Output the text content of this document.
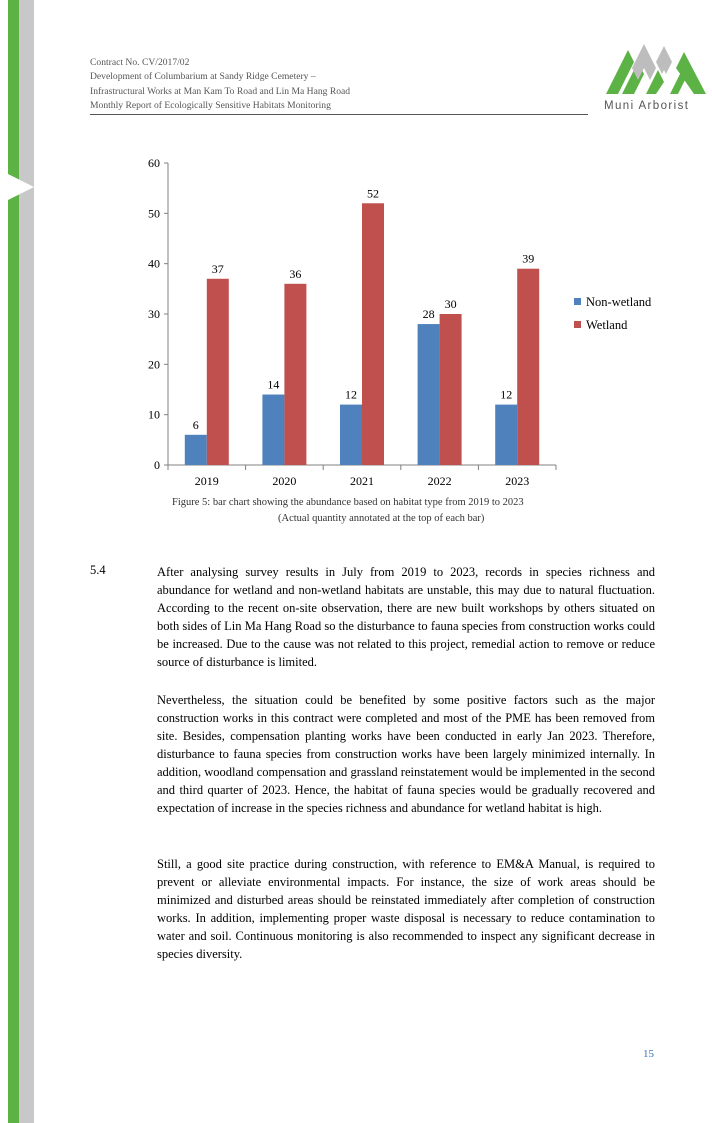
Contract No. CV/2017/02
Development of Columbarium at Sandy Ridge Cemetery –
Infrastructural Works at Man Kam To Road and Lin Ma Hang Road
Monthly Report of Ecologically Sensitive Habitats Monitoring	Muni Arborist
0
10
20
30
40
50
60
6
37
2019
14
36
2020
12
52
2021
28
30
2022
12
39
2023
Non-wetland
Wetland
Figure 5: bar chart showing the abundance based on habitat type from 2019 to 2023
(Actual quantity annotated at the top of each bar)
5.4	After analysing survey results in July from 2019 to 2023, records in species richness and abundance for wetland and non-wetland habitats are unstable, this may due to natural fluctuation. According to the recent on-site observation, there are new built workshops by others situated on both sides of Lin Ma Hang Road so the disturbance to fauna species from construction works could be increased. Due to the cause was not related to this project, remedial action to remove or reduce source of disturbance is limited.
Nevertheless, the situation could be benefited by some positive factors such as the major construction works in this contract were completed and most of the PME has been removed from site. Besides, compensation planting works have been conducted in early Jan 2023. Therefore, disturbance to fauna species from construction works have been largely minimized internally. In addition, woodland compensation and grassland reinstatement would be implemented in the second and third quarter of 2023. Hence, the habitat of fauna species would be gradually recovered and expectation of increase in the species richness and abundance for wetland habitat is high.
Still, a good site practice during construction, with reference to EM&A Manual, is required to prevent or alleviate environmental impacts. For instance, the size of work areas should be minimized and disturbed areas should be reinstated immediately after completion of construction works. In addition, implementing proper waste disposal is necessary to reduce contamination to water and soil. Continuous monitoring is also recommended to inspect any significant decrease in species diversity.
15
